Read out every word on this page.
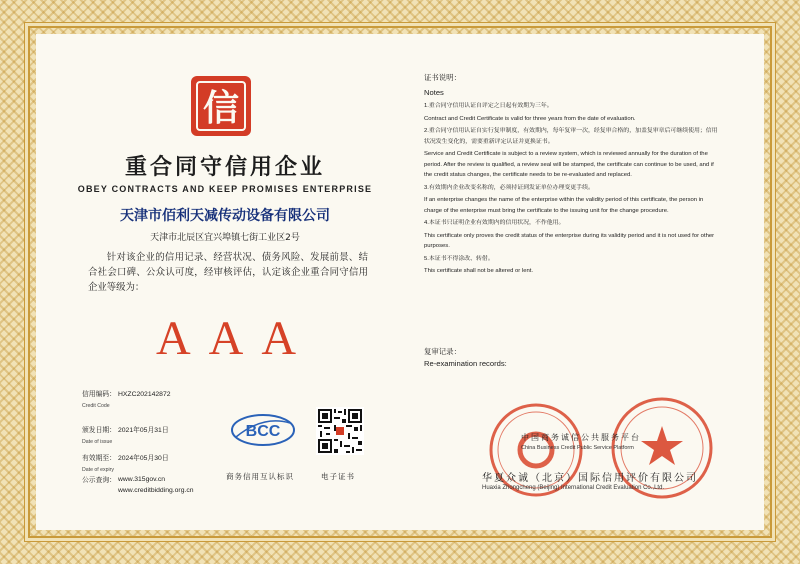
信
重合同守信用企业
OBEY CONTRACTS AND KEEP PROMISES ENTERPRISE
天津市佰利天减传动设备有限公司
天津市北辰区宜兴埠镇七街工业区2号
针对该企业的信用记录、经营状况、债务风险、发展前景、结合社会口碑、公众认可度，经审核评估，认定该企业重合同守信用企业等级为：
AAA
信用编码： HXZC202142872
Credit Code
颁发日期： 2021年05月31日
Date of issue
有效期至： 2024年05月30日
Date of expiry
公示查询： www.315gov.cn
www.creditbidding.org.cn
BCC
商务信用互认标识	电子证书
证书说明：
Notes
1.重合同守信用认证自评定之日起有效期为三年。
Contract and Credit Certificate is valid for three years from the date of evaluation.
2.重合同守信用认证自实行复审制度，有效期内，每年复审一次，经复审合格的，加盖复审章后可继续使用；信用状况发生变化的，需要重新评定认证并更换证书。
Service and Credit Certificate is subject to a review system, which is reviewed annually for the duration of the period. After the review is qualified, a review seal will be stamped, the certificate can continue to be used, and if the credit status changes, the certificate needs to be re-evaluated and replaced.
3.有效期内企业改变名称的，必须持证到发证单位办理变更手续。
If an enterprise changes the name of the enterprise within the validity period of this certificate, the person in charge of the enterprise must bring the certificate to the issuing unit for the change procedure.
4.本证书只证明企业有效期内的信用状况，不作他用。
This certificate only proves the credit status of the enterprise during its validity period and it is not used for other purposes.
5.本证书不得涂改、转借。
This certificate shall not be altered or lent.
复审记录：
Re-examination records:
中国商务诚信公共服务平台
China Business Credit Public Service Platform
华夏众诚（北京）国际信用评价有限公司
Huaxia Zhongcheng (Beijing) International Credit Evaluation Co.,Ltd.
